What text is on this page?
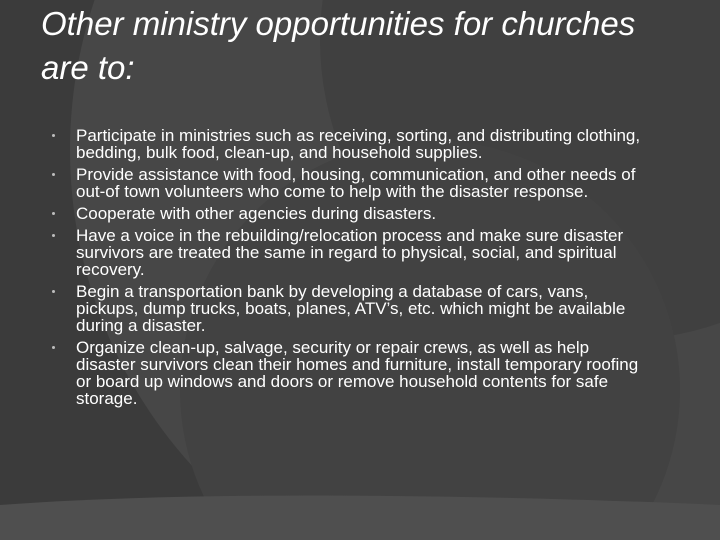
Other ministry opportunities for churches are to:
Participate in ministries such as receiving, sorting, and distributing clothing, bedding, bulk food, clean-up, and household supplies.
Provide assistance with food, housing, communication, and other needs of out-of town volunteers who come to help with the disaster response.
Cooperate with other agencies during disasters.
Have a voice in the rebuilding/relocation process and make sure disaster survivors are treated the same in regard to physical, social, and spiritual recovery.
Begin a transportation bank by developing a database of cars, vans, pickups, dump trucks, boats, planes, ATV’s, etc. which might be available during a disaster.
Organize clean-up, salvage, security or repair crews, as well as help disaster survivors clean their homes and furniture, install temporary roofing or board up windows and doors or remove household contents for safe storage.
